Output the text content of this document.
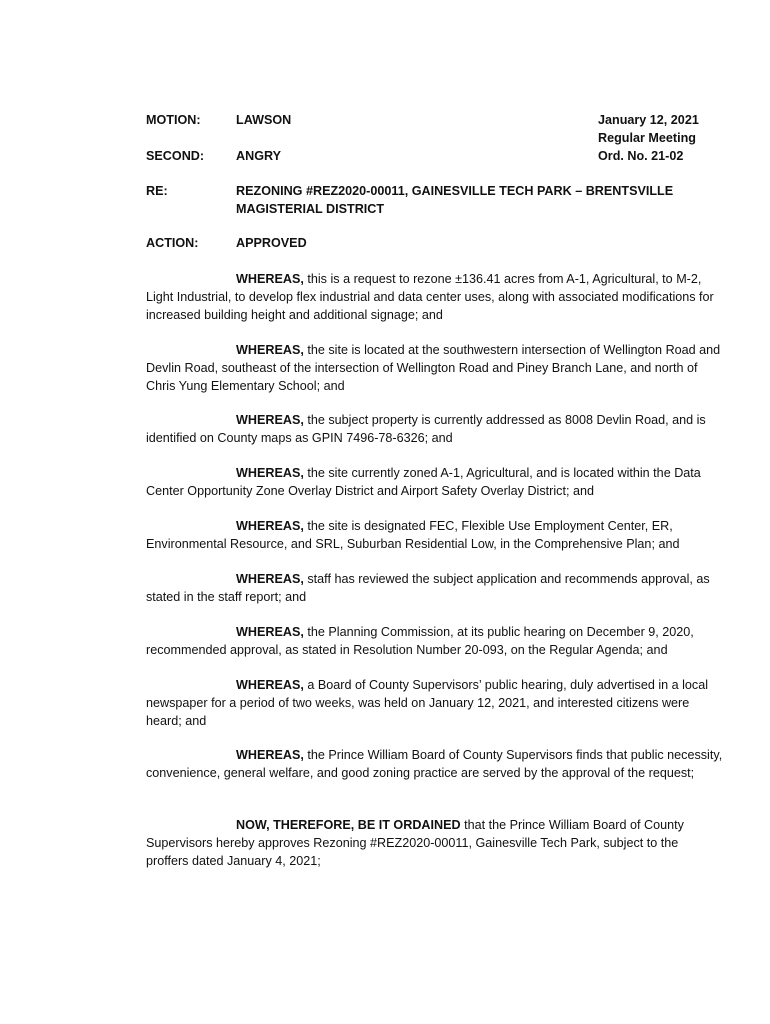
MOTION:	LAWSON	January 12, 2021
Regular Meeting
Ord. No. 21-02
SECOND:	ANGRY
RE:	REZONING #REZ2020-00011, GAINESVILLE TECH PARK – BRENTSVILLE MAGISTERIAL DISTRICT
ACTION:	APPROVED
WHEREAS, this is a request to rezone ±136.41 acres from A-1, Agricultural, to M-2, Light Industrial, to develop flex industrial and data center uses, along with associated modifications for increased building height and additional signage; and
WHEREAS, the site is located at the southwestern intersection of Wellington Road and Devlin Road, southeast of the intersection of Wellington Road and Piney Branch Lane, and north of Chris Yung Elementary School; and
WHEREAS, the subject property is currently addressed as 8008 Devlin Road, and is identified on County maps as GPIN 7496-78-6326; and
WHEREAS, the site currently zoned A-1, Agricultural, and is located within the Data Center Opportunity Zone Overlay District and Airport Safety Overlay District; and
WHEREAS, the site is designated FEC, Flexible Use Employment Center, ER, Environmental Resource, and SRL, Suburban Residential Low, in the Comprehensive Plan; and
WHEREAS, staff has reviewed the subject application and recommends approval, as stated in the staff report; and
WHEREAS, the Planning Commission, at its public hearing on December 9, 2020, recommended approval, as stated in Resolution Number 20-093, on the Regular Agenda; and
WHEREAS, a Board of County Supervisors’ public hearing, duly advertised in a local newspaper for a period of two weeks, was held on January 12, 2021, and interested citizens were heard; and
WHEREAS, the Prince William Board of County Supervisors finds that public necessity, convenience, general welfare, and good zoning practice are served by the approval of the request;
NOW, THEREFORE, BE IT ORDAINED that the Prince William Board of County Supervisors hereby approves Rezoning #REZ2020-00011, Gainesville Tech Park, subject to the proffers dated January 4, 2021;
